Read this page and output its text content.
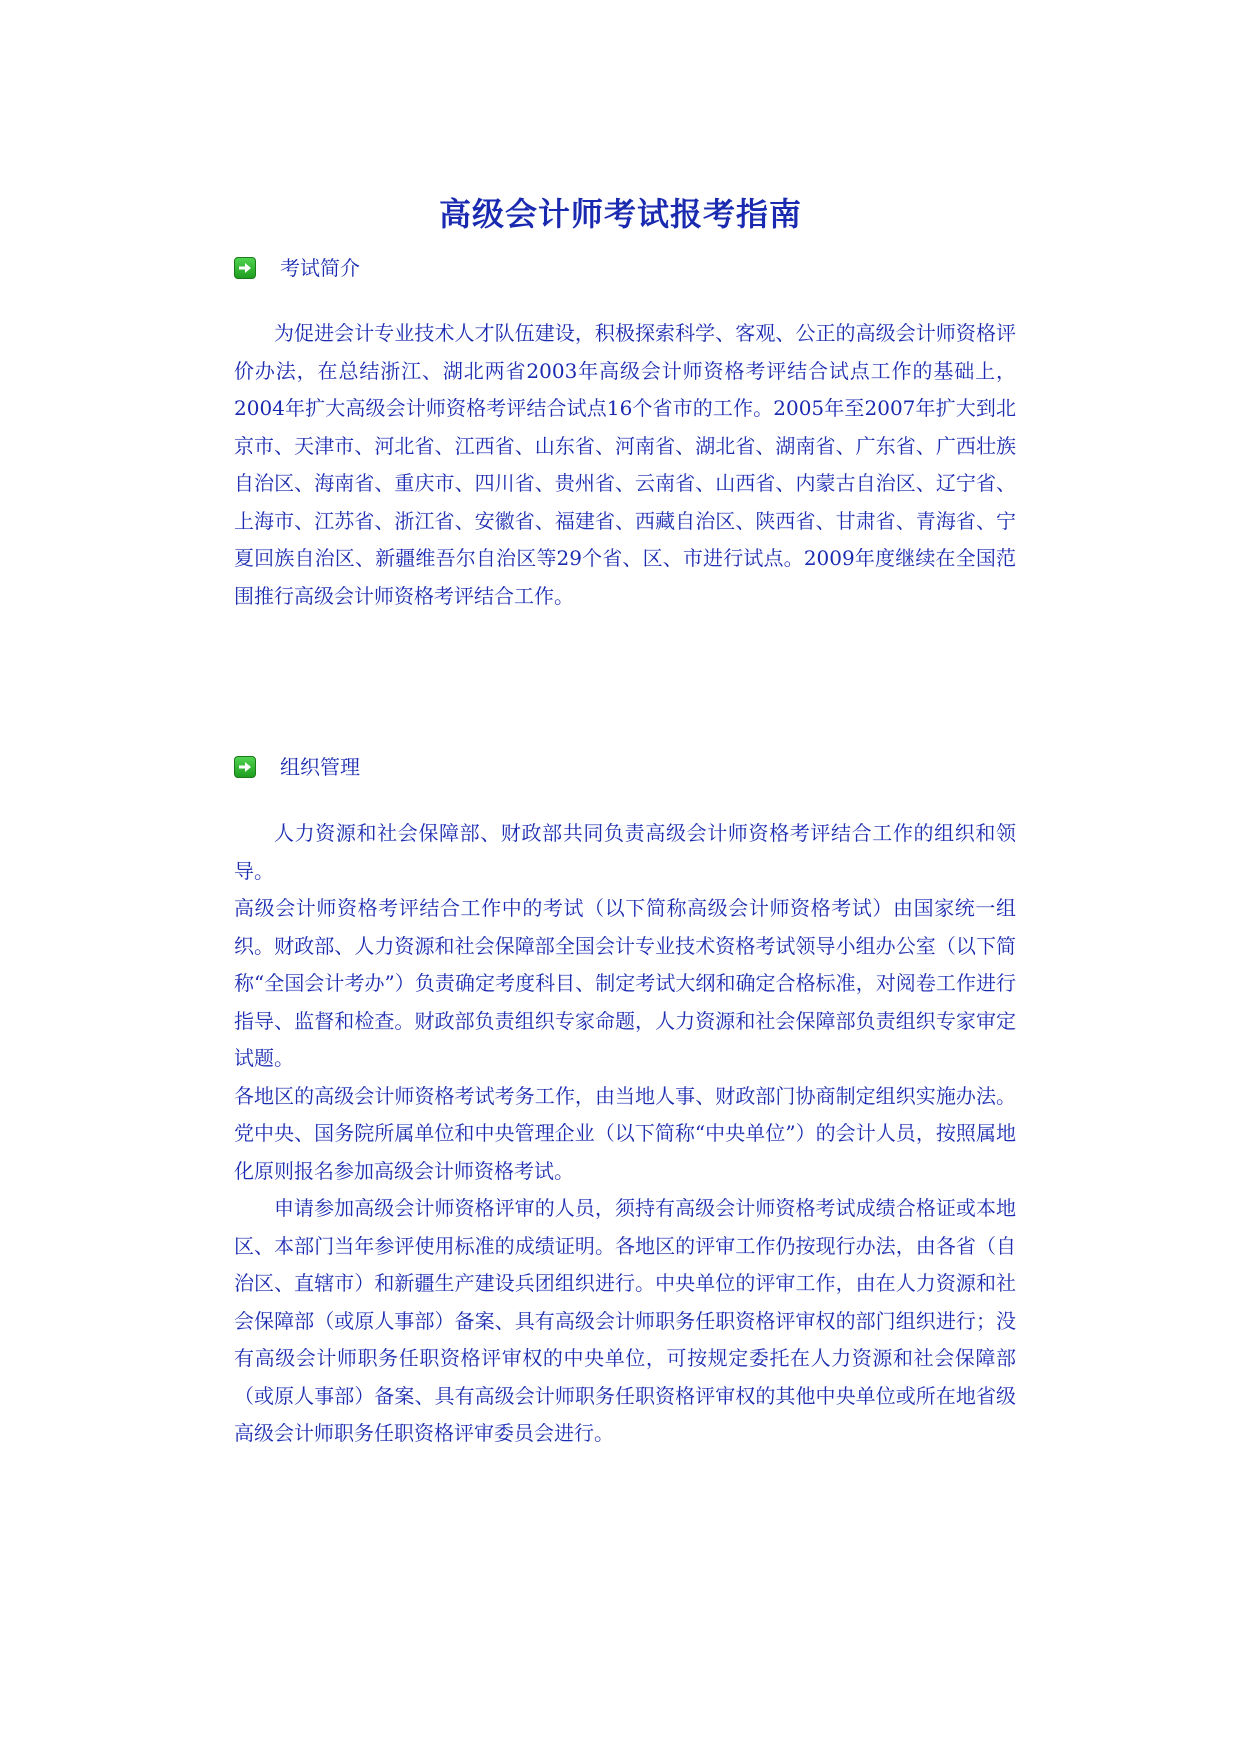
高级会计师考试报考指南
考试简介

为促进会计专业技术人才队伍建设，积极探索科学、客观、公正的高级会计师资格评价办法，在总结浙江、湖北两省2003年高级会计师资格考评结合试点工作的基础上，2004年扩大高级会计师资格考评结合试点16个省市的工作。2005年至2007年扩大到北京市、天津市、河北省、江西省、山东省、河南省、湖北省、湖南省、广东省、广西壮族自治区、海南省、重庆市、四川省、贵州省、云南省、山西省、内蒙古自治区、辽宁省、上海市、江苏省、浙江省、安徽省、福建省、西藏自治区、陕西省、甘肃省、青海省、宁夏回族自治区、新疆维吾尔自治区等29个省、区、市进行试点。2009年度继续在全国范围推行高级会计师资格考评结合工作。

组织管理

人力资源和社会保障部、财政部共同负责高级会计师资格考评结合工作的组织和领导。

高级会计师资格考评结合工作中的考试（以下简称高级会计师资格考试）由国家统一组织。财政部、人力资源和社会保障部全国会计专业技术资格考试领导小组办公室（以下简称“全国会计考办”）负责确定考度科目、制定考试大纲和确定合格标准，对阅卷工作进行指导、监督和检查。财政部负责组织专家命题，人力资源和社会保障部负责组织专家审定试题。

各地区的高级会计师资格考试考务工作，由当地人事、财政部门协商制定组织实施办法。党中央、国务院所属单位和中央管理企业（以下简称“中央单位”）的会计人员，按照属地化原则报名参加高级会计师资格考试。

申请参加高级会计师资格评审的人员，须持有高级会计师资格考试成绩合格证或本地区、本部门当年参评使用标准的成绩证明。各地区的评审工作仍按现行办法，由各省（自治区、直辖市）和新疆生产建设兵团组织进行。中央单位的评审工作，由在人力资源和社会保障部（或原人事部）备案、具有高级会计师职务任职资格评审权的部门组织进行；没有高级会计师职务任职资格评审权的中央单位，可按规定委托在人力资源和社会保障部（或原人事部）备案、具有高级会计师职务任职资格评审权的其他中央单位或所在地省级高级会计师职务任职资格评审委员会进行。
